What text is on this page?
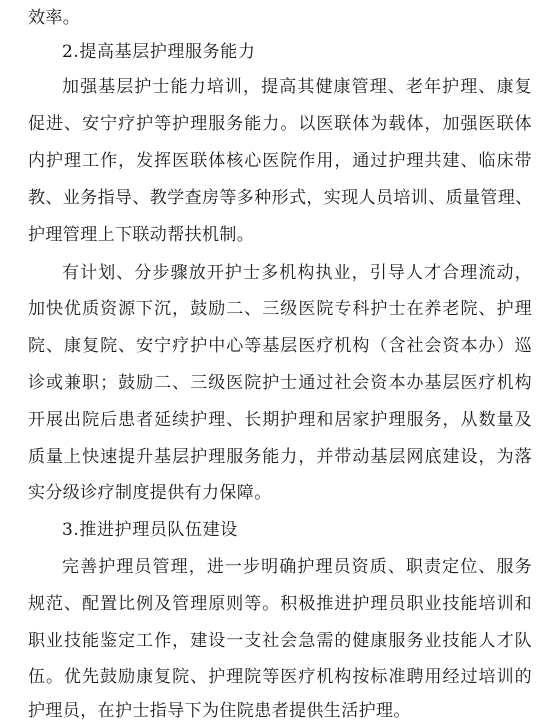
效率。
2.提高基层护理服务能力
加强基层护士能力培训，提高其健康管理、老年护理、康复
促进、安宁疗护等护理服务能力。以医联体为载体，加强医联体
内护理工作，发挥医联体核心医院作用，通过护理共建、临床带
教、业务指导、教学查房等多种形式，实现人员培训、质量管理、
护理管理上下联动帮扶机制。
有计划、分步骤放开护士多机构执业，引导人才合理流动，
加快优质资源下沉，鼓励二、三级医院专科护士在养老院、护理
院、康复院、安宁疗护中心等基层医疗机构（含社会资本办）巡
诊或兼职；鼓励二、三级医院护士通过社会资本办基层医疗机构
开展出院后患者延续护理、长期护理和居家护理服务，从数量及
质量上快速提升基层护理服务能力，并带动基层网底建设，为落
实分级诊疗制度提供有力保障。
3.推进护理员队伍建设
完善护理员管理，进一步明确护理员资质、职责定位、服务
规范、配置比例及管理原则等。积极推进护理员职业技能培训和
职业技能鉴定工作，建设一支社会急需的健康服务业技能人才队
伍。优先鼓励康复院、护理院等医疗机构按标准聘用经过培训的
护理员，在护士指导下为住院患者提供生活护理。
